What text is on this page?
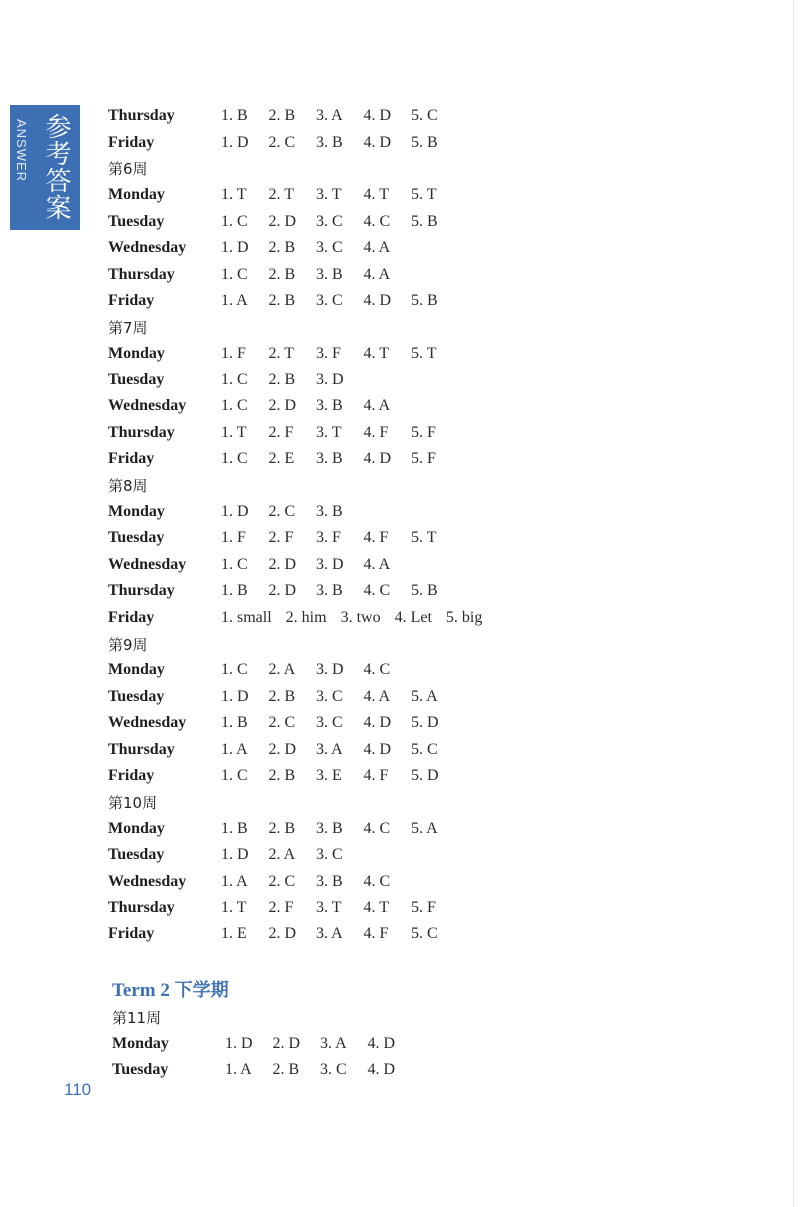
参考答案
ANSWER
Thursday	1. B	2. B	3. A	4. D	5. C
Friday	1. D	2. C	3. B	4. D	5. B
第6周
Monday	1. T	2. T	3. T	4. T	5. T
Tuesday	1. C	2. D	3. C	4. C	5. B
Wednesday	1. D	2. B	3. C	4. A
Thursday	1. C	2. B	3. B	4. A
Friday	1. A	2. B	3. C	4. D	5. B
第7周
Monday	1. F	2. T	3. F	4. T	5. T
Tuesday	1. C	2. B	3. D
Wednesday	1. C	2. D	3. B	4. A
Thursday	1. T	2. F	3. T	4. F	5. F
Friday	1. C	2. E	3. B	4. D	5. F
第8周
Monday	1. D	2. C	3. B
Tuesday	1. F	2. F	3. F	4. F	5. T
Wednesday	1. C	2. D	3. D	4. A
Thursday	1. B	2. D	3. B	4. C	5. B
Friday	1. small 2. him 3. two 4. Let 5. big
第9周
Monday	1. C	2. A	3. D	4. C
Tuesday	1. D	2. B	3. C	4. A	5. A
Wednesday	1. B	2. C	3. C	4. D	5. D
Thursday	1. A	2. D	3. A	4. D	5. C
Friday	1. C	2. B	3. E	4. F	5. D
第10周
Monday	1. B	2. B	3. B	4. C	5. A
Tuesday	1. D	2. A	3. C
Wednesday	1. A	2. C	3. B	4. C
Thursday	1. T	2. F	3. T	4. T	5. F
Friday	1. E	2. D	3. A	4. F	5. C
Term 2 下学期
第11周
Monday	1. D	2. D	3. A	4. D
Tuesday	1. A	2. B	3. C	4. D
110
